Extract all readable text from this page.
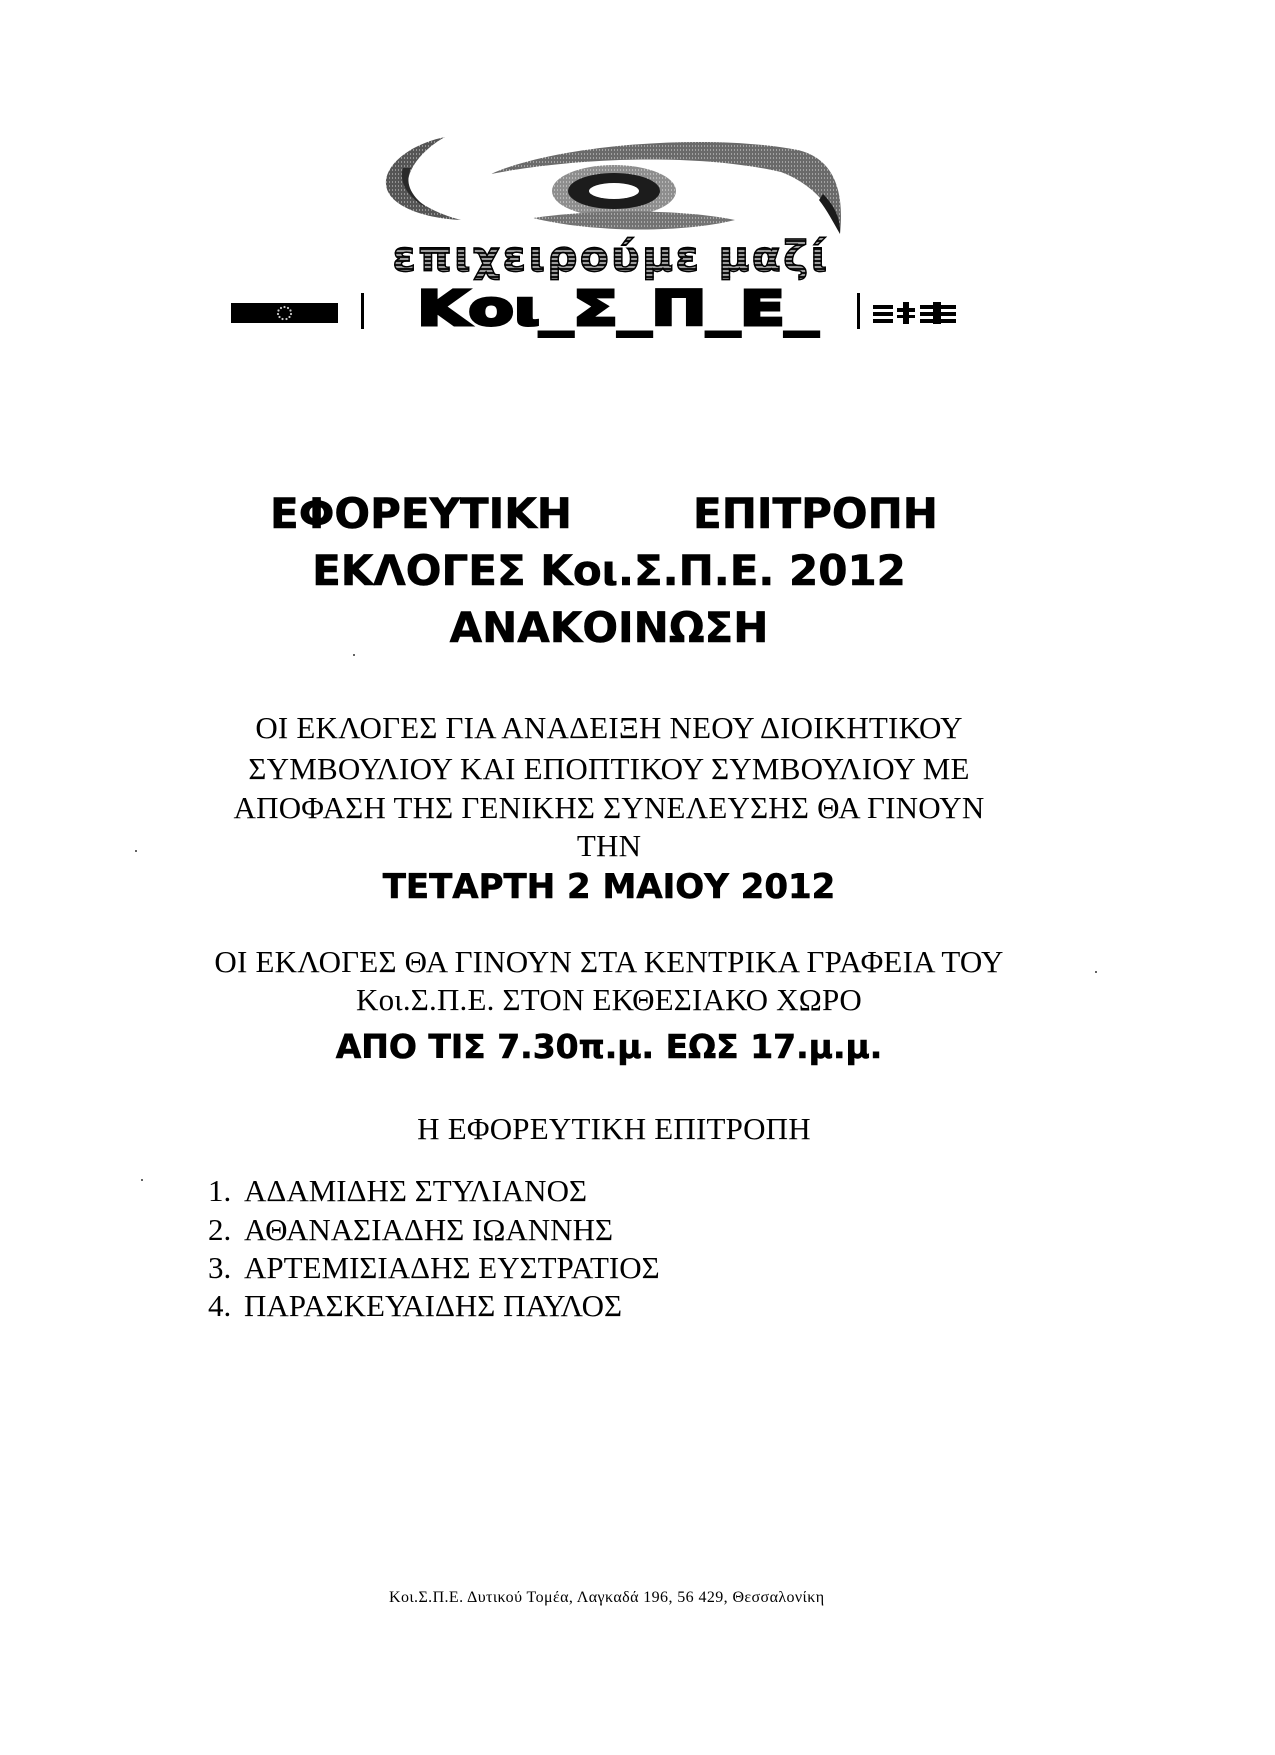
επιχειρούμε μαζί
Κοι_Σ_Π_Ε_
ΕΦΟΡΕΥΤΙΚΗ	ΕΠΙΤΡΟΠΗ
ΕΚΛΟΓΕΣ Κοι.Σ.Π.Ε. 2012
ΑΝΑΚΟΙΝΩΣΗ
ΟΙ ΕΚΛΟΓΕΣ ΓΙΑ ΑΝΑΔΕΙΞΗ ΝΕΟΥ ΔΙΟΙΚΗΤΙΚΟΥ
ΣΥΜΒΟΥΛΙΟΥ ΚΑΙ ΕΠΟΠΤΙΚΟΥ ΣΥΜΒΟΥΛΙΟΥ ΜΕ
ΑΠΟΦΑΣΗ ΤΗΣ ΓΕΝΙΚΗΣ ΣΥΝΕΛΕΥΣΗΣ ΘΑ ΓΙΝΟΥΝ
ΤΗΝ
ΤΕΤΑΡΤΗ 2 ΜΑΙΟΥ 2012
ΟΙ ΕΚΛΟΓΕΣ ΘΑ ΓΙΝΟΥΝ ΣΤΑ ΚΕΝΤΡΙΚΑ ΓΡΑΦΕΙΑ ΤΟΥ
Κοι.Σ.Π.Ε. ΣΤΟΝ ΕΚΘΕΣΙΑΚΟ ΧΩΡΟ
ΑΠΟ ΤΙΣ 7.30π.μ. ΕΩΣ 17.μ.μ.
Η ΕΦΟΡΕΥΤΙΚΗ ΕΠΙΤΡΟΠΗ
1. ΑΔΑΜΙΔΗΣ ΣΤΥΛΙΑΝΟΣ
2. ΑΘΑΝΑΣΙΑΔΗΣ ΙΩΑΝΝΗΣ
3. ΑΡΤΕΜΙΣΙΑΔΗΣ ΕΥΣΤΡΑΤΙΟΣ
4. ΠΑΡΑΣΚΕΥΑΙΔΗΣ ΠΑΥΛΟΣ
Κοι.Σ.Π.Ε. Δυτικού Τομέα, Λαγκαδά 196, 56 429, Θεσσαλονίκη
